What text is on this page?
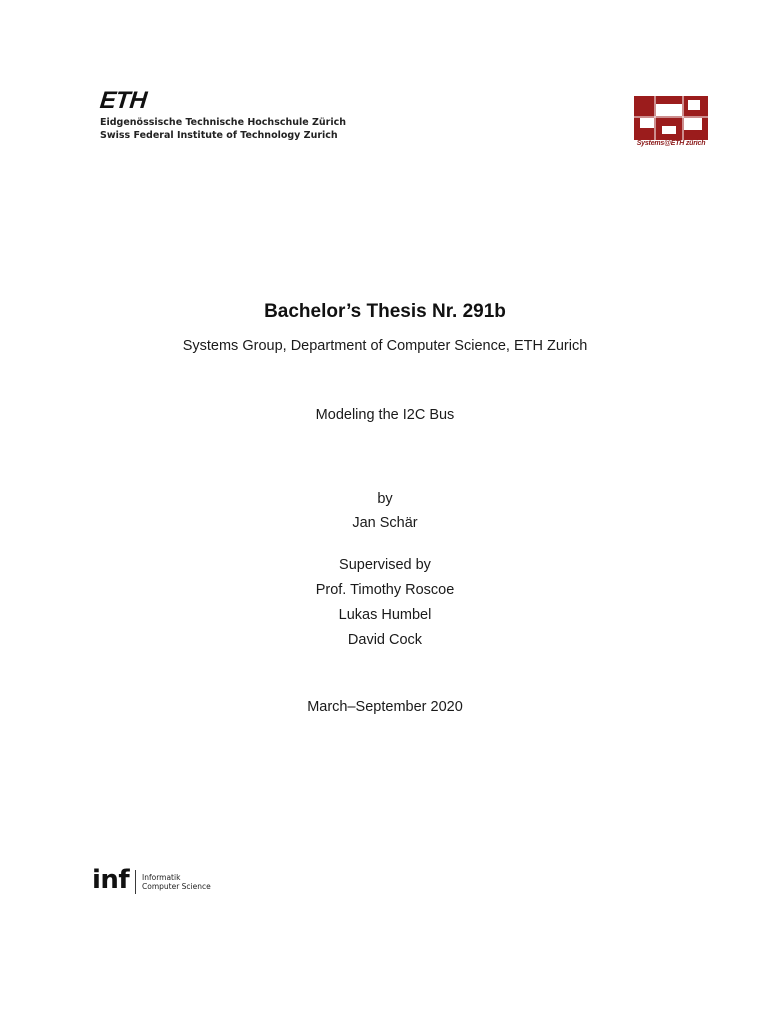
ETH
Eidgenössische Technische Hochschule Zürich
Swiss Federal Institute of Technology Zurich
Systems@ETH zürich
Bachelor’s Thesis Nr. 291b
Systems Group, Department of Computer Science, ETH Zurich
Modeling the I2C Bus
by
Jan Schär
Supervised by
Prof. Timothy Roscoe
Lukas Humbel
David Cock
March–September 2020
inf Informatik
Computer Science
